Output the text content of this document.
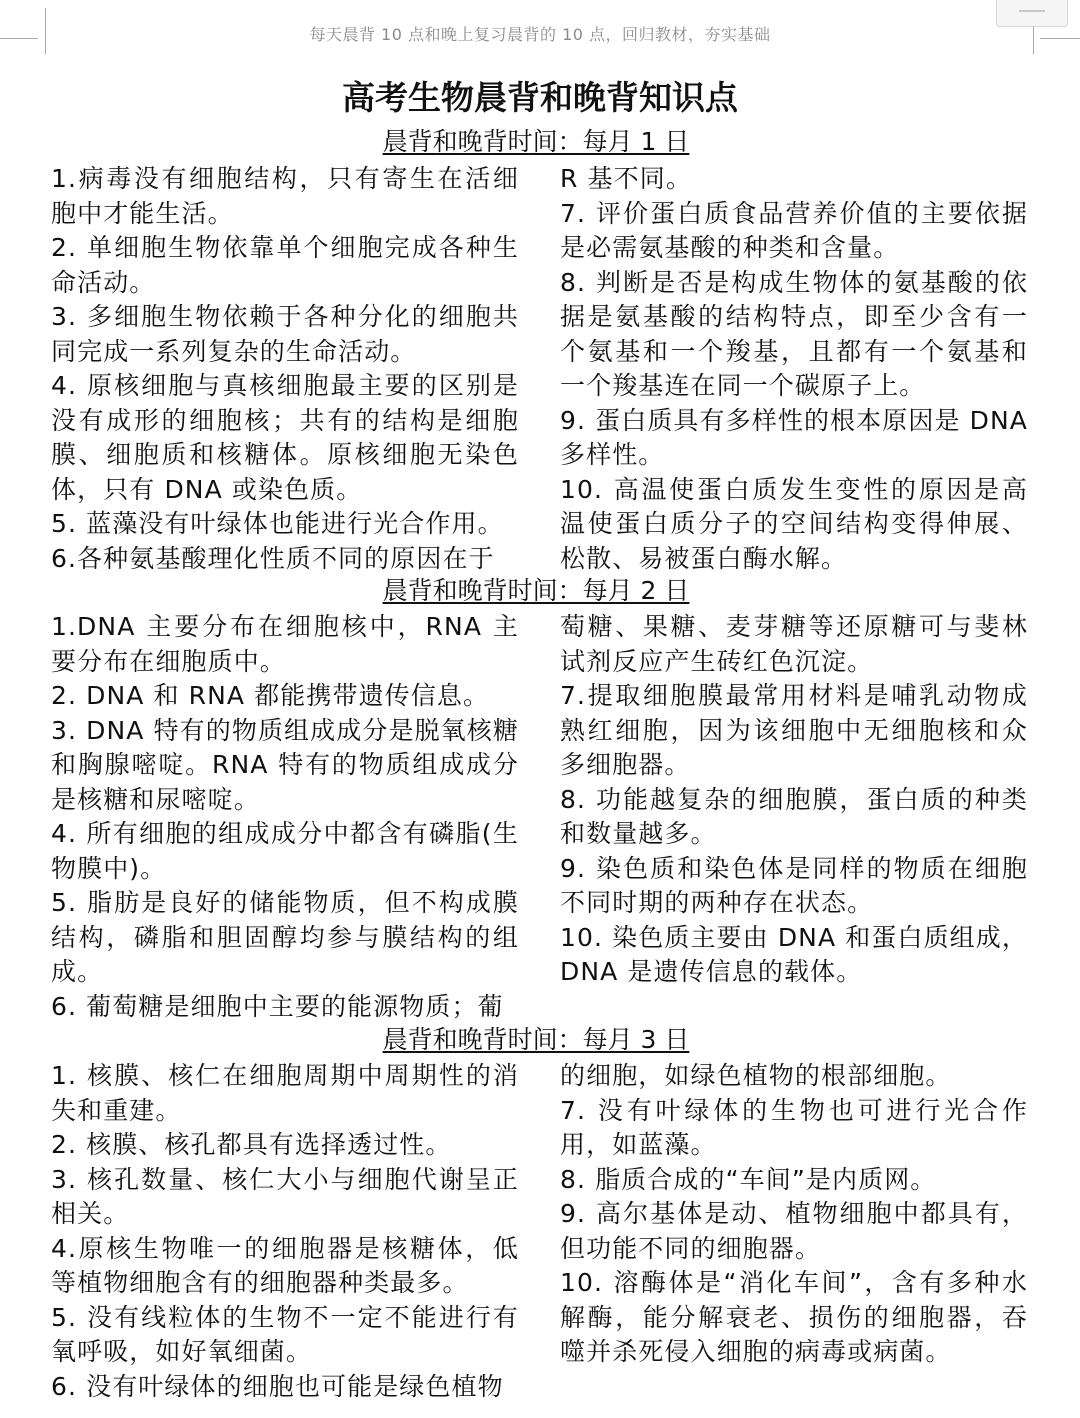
每天晨背 10 点和晚上复习晨背的 10 点，回归教材，夯实基础
高考生物晨背和晚背知识点
晨背和晚背时间：每月 1 日

1.病毒没有细胞结构，只有寄生在活细胞中才能生活。

2. 单细胞生物依靠单个细胞完成各种生命活动。

3. 多细胞生物依赖于各种分化的细胞共同完成一系列复杂的生命活动。

4. 原核细胞与真核细胞最主要的区别是没有成形的细胞核；共有的结构是细胞膜、细胞质和核糖体。原核细胞无染色体，只有 DNA 或染色质。

5. 蓝藻没有叶绿体也能进行光合作用。

6.各种氨基酸理化性质不同的原因在于

R 基不同。

7. 评价蛋白质食品营养价值的主要依据是必需氨基酸的种类和含量。

8. 判断是否是构成生物体的氨基酸的依据是氨基酸的结构特点，即至少含有一个氨基和一个羧基，且都有一个氨基和一个羧基连在同一个碳原子上。

9. 蛋白质具有多样性的根本原因是 DNA 多样性。

10. 高温使蛋白质发生变性的原因是高温使蛋白质分子的空间结构变得伸展、松散、易被蛋白酶水解。

晨背和晚背时间：每月 2 日

1.DNA 主要分布在细胞核中，RNA 主要分布在细胞质中。

2. DNA 和 RNA 都能携带遗传信息。

3. DNA 特有的物质组成成分是脱氧核糖和胸腺嘧啶。RNA 特有的物质组成成分是核糖和尿嘧啶。

4. 所有细胞的组成成分中都含有磷脂(生物膜中)。

5. 脂肪是良好的储能物质，但不构成膜结构，磷脂和胆固醇均参与膜结构的组成。

6. 葡萄糖是细胞中主要的能源物质；葡

萄糖、果糖、麦芽糖等还原糖可与斐林试剂反应产生砖红色沉淀。

7.提取细胞膜最常用材料是哺乳动物成熟红细胞，因为该细胞中无细胞核和众多细胞器。

8. 功能越复杂的细胞膜，蛋白质的种类和数量越多。

9. 染色质和染色体是同样的物质在细胞不同时期的两种存在状态。

10. 染色质主要由 DNA 和蛋白质组成，DNA 是遗传信息的载体。

晨背和晚背时间：每月 3 日

1. 核膜、核仁在细胞周期中周期性的消失和重建。

2. 核膜、核孔都具有选择透过性。

3. 核孔数量、核仁大小与细胞代谢呈正相关。

4.原核生物唯一的细胞器是核糖体，低等植物细胞含有的细胞器种类最多。

5. 没有线粒体的生物不一定不能进行有氧呼吸，如好氧细菌。

6. 没有叶绿体的细胞也可能是绿色植物

的细胞，如绿色植物的根部细胞。

7. 没有叶绿体的生物也可进行光合作用，如蓝藻。

8. 脂质合成的“车间”是内质网。

9. 高尔基体是动、植物细胞中都具有，但功能不同的细胞器。

10. 溶酶体是“消化车间”，含有多种水解酶，能分解衰老、损伤的细胞器，吞噬并杀死侵入细胞的病毒或病菌。
